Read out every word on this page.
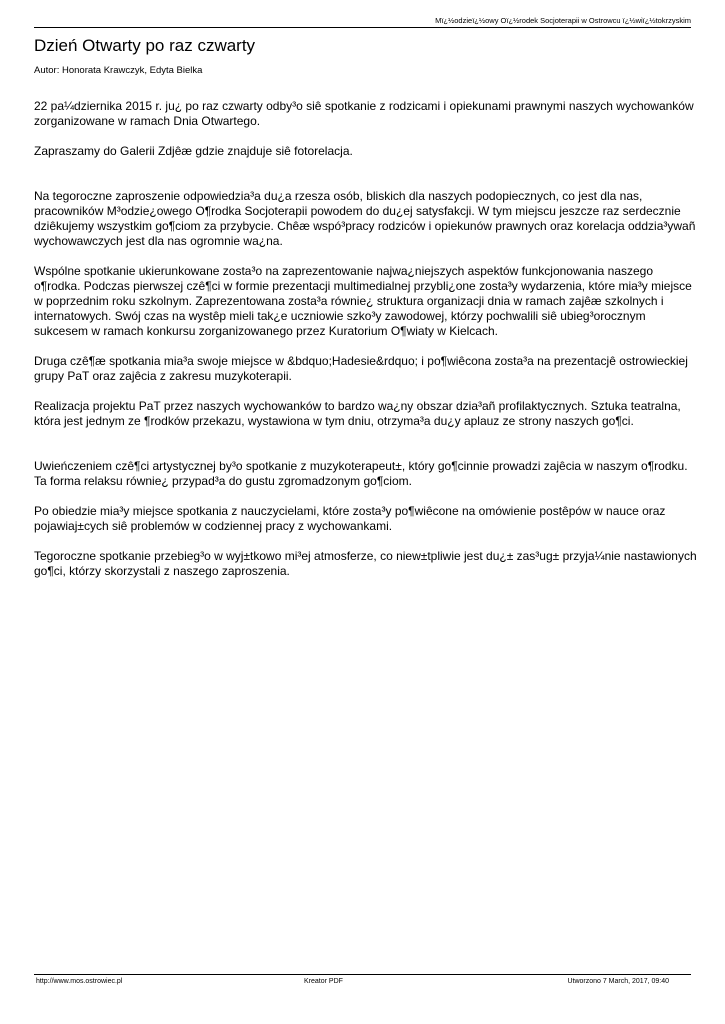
Mï¿½odzieï¿½owy Oï¿½rodek Socjoterapii w Ostrowcu ï¿½wiï¿½tokrzyskim
Dzień Otwarty po raz czwarty
Autor: Honorata Krawczyk, Edyta Bielka

22 pa¼dziernika 2015 r. ju¿ po raz czwarty odby³o siê spotkanie z rodzicami i opiekunami prawnymi naszych wychowanków zorganizowane w ramach Dnia Otwartego.

Zapraszamy do Galerii Zdjêæ gdzie znajduje siê fotorelacja.

Na tegoroczne zaproszenie odpowiedzia³a du¿a rzesza osób, bliskich dla naszych podopiecznych, co jest dla nas, pracowników M³odzie¿owego O¶rodka Socjoterapii powodem do du¿ej satysfakcji. W tym miejscu jeszcze raz serdecznie dziêkujemy wszystkim go¶ciom za przybycie. Chêæ wspó³pracy rodziców i opiekunów prawnych oraz korelacja oddzia³ywañ wychowawczych jest dla nas ogromnie wa¿na.

Wspólne spotkanie ukierunkowane zosta³o na zaprezentowanie najwa¿niejszych aspektów funkcjonowania naszego o¶rodka. Podczas pierwszej czê¶ci w formie prezentacji multimedialnej przybli¿one zosta³y wydarzenia, które mia³y miejsce w poprzednim roku szkolnym. Zaprezentowana zosta³a równie¿ struktura organizacji dnia w ramach zajêæ szkolnych i internatowych. Swój czas na wystêp mieli tak¿e uczniowie szko³y zawodowej, którzy pochwalili siê ubieg³orocznym sukcesem w ramach konkursu zorganizowanego przez Kuratorium O¶wiaty w Kielcach.

Druga czê¶æ spotkania mia³a swoje miejsce w &bdquo;Hadesie&rdquo; i po¶wiêcona zosta³a na prezentacjê ostrowieckiej grupy PaT oraz zajêcia z zakresu muzykoterapii.

Realizacja projektu PaT przez naszych wychowanków to bardzo wa¿ny obszar dzia³añ profilaktycznych. Sztuka teatralna, która jest jednym ze ¶rodków przekazu, wystawiona w tym dniu, otrzyma³a du¿y aplauz ze strony naszych go¶ci.

Uwieńczeniem czê¶ci artystycznej by³o spotkanie z muzykoterapeut±, który go¶cinnie prowadzi zajêcia w naszym o¶rodku. Ta forma relaksu równie¿ przypad³a do gustu zgromadzonym go¶ciom.

Po obiedzie mia³y miejsce spotkania z nauczycielami, które zosta³y po¶wiêcone na omówienie postêpów w nauce oraz pojawiaj±cych siê problemów w codziennej pracy z wychowankami.

Tegoroczne spotkanie przebieg³o w wyj±tkowo mi³ej atmosferze, co niew±tpliwie jest du¿± zas³ug± przyja¼nie nastawionych go¶ci, którzy skorzystali z naszego zaproszenia.

http://www.mos.ostrowiec.pl	Kreator PDF	Utworzono 7 March, 2017, 09:40
